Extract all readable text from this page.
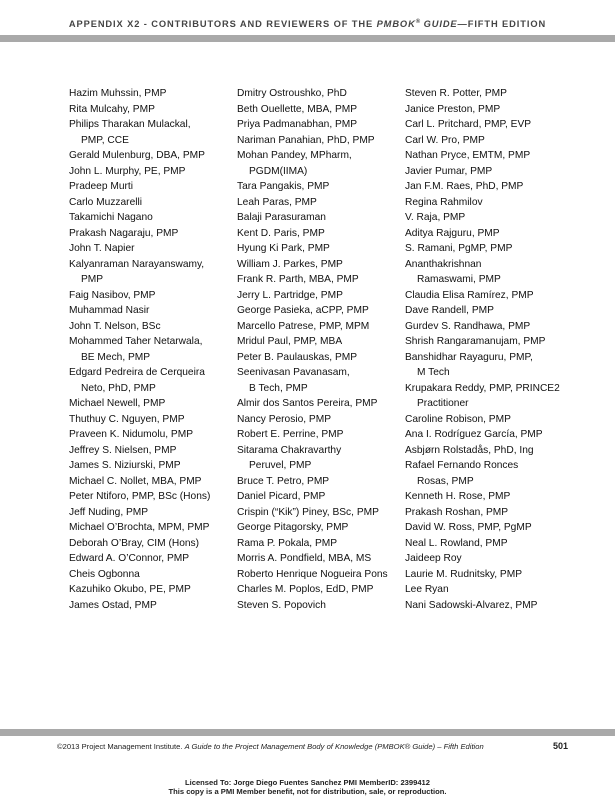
APPENDIX X2 - CONTRIBUTORS AND REVIEWERS OF THE PMBOK® GUIDE—FIFTH EDITION
Hazim Muhssin, PMP
Rita Mulcahy, PMP
Philips Tharakan Mulackal,
PMP, CCE
Gerald Mulenburg, DBA, PMP
John L. Murphy, PE, PMP
Pradeep Murti
Carlo Muzzarelli
Takamichi Nagano
Prakash Nagaraju, PMP
John T. Napier
Kalyanraman Narayanswamy,
PMP
Faig Nasibov, PMP
Muhammad Nasir
John T. Nelson, BSc
Mohammed Taher Netarwala,
BE Mech, PMP
Edgard Pedreira de Cerqueira
Neto, PhD, PMP
Michael Newell, PMP
Thuthuy C. Nguyen, PMP
Praveen K. Nidumolu, PMP
Jeffrey S. Nielsen, PMP
James S. Niziurski, PMP
Michael C. Nollet, MBA, PMP
Peter Ntiforo, PMP, BSc (Hons)
Jeff Nuding, PMP
Michael O’Brochta, MPM, PMP
Deborah O’Bray, CIM (Hons)
Edward A. O’Connor, PMP
Cheis Ogbonna
Kazuhiko Okubo, PE, PMP
James Ostad, PMP
Dmitry Ostroushko, PhD
Beth Ouellette, MBA, PMP
Priya Padmanabhan, PMP
Nariman Panahian, PhD, PMP
Mohan Pandey, MPharm,
PGDM(IIMA)
Tara Pangakis, PMP
Leah Paras, PMP
Balaji Parasuraman
Kent D. Paris, PMP
Hyung Ki Park, PMP
William J. Parkes, PMP
Frank R. Parth, MBA, PMP
Jerry L. Partridge, PMP
George Pasieka, aCPP, PMP
Marcello Patrese, PMP, MPM
Mridul Paul, PMP, MBA
Peter B. Paulauskas, PMP
Seenivasan Pavanasam,
B Tech, PMP
Almir dos Santos Pereira, PMP
Nancy Perosio, PMP
Robert E. Perrine, PMP
Sitarama Chakravarthy
Peruvel, PMP
Bruce T. Petro, PMP
Daniel Picard, PMP
Crispin (“Kik”) Piney, BSc, PMP
George Pitagorsky, PMP
Rama P. Pokala, PMP
Morris A. Pondfield, MBA, MS
Roberto Henrique Nogueira Pons
Charles M. Poplos, EdD, PMP
Steven S. Popovich
Steven R. Potter, PMP
Janice Preston, PMP
Carl L. Pritchard, PMP, EVP
Carl W. Pro, PMP
Nathan Pryce, EMTM, PMP
Javier Pumar, PMP
Jan F.M. Raes, PhD, PMP
Regina Rahmilov
V. Raja, PMP
Aditya Rajguru, PMP
S. Ramani, PgMP, PMP
Ananthakrishnan
Ramaswami, PMP
Claudia Elisa Ramírez, PMP
Dave Randell, PMP
Gurdev S. Randhawa, PMP
Shrish Rangaramanujam, PMP
Banshidhar Rayaguru, PMP,
M Tech
Krupakara Reddy, PMP, PRINCE2
Practitioner
Caroline Robison, PMP
Ana I. Rodríguez García, PMP
Asbjørn Rolstadås, PhD, Ing
Rafael Fernando Ronces
Rosas, PMP
Kenneth H. Rose, PMP
Prakash Roshan, PMP
David W. Ross, PMP, PgMP
Neal L. Rowland, PMP
Jaideep Roy
Laurie M. Rudnitsky, PMP
Lee Ryan
Nani Sadowski-Alvarez, PMP
©2013 Project Management Institute. A Guide to the Project Management Body of Knowledge (PMBOK® Guide) – Fifth Edition	501
Licensed To: Jorge Diego Fuentes Sanchez PMI MemberID: 2399412
This copy is a PMI Member benefit, not for distribution, sale, or reproduction.
